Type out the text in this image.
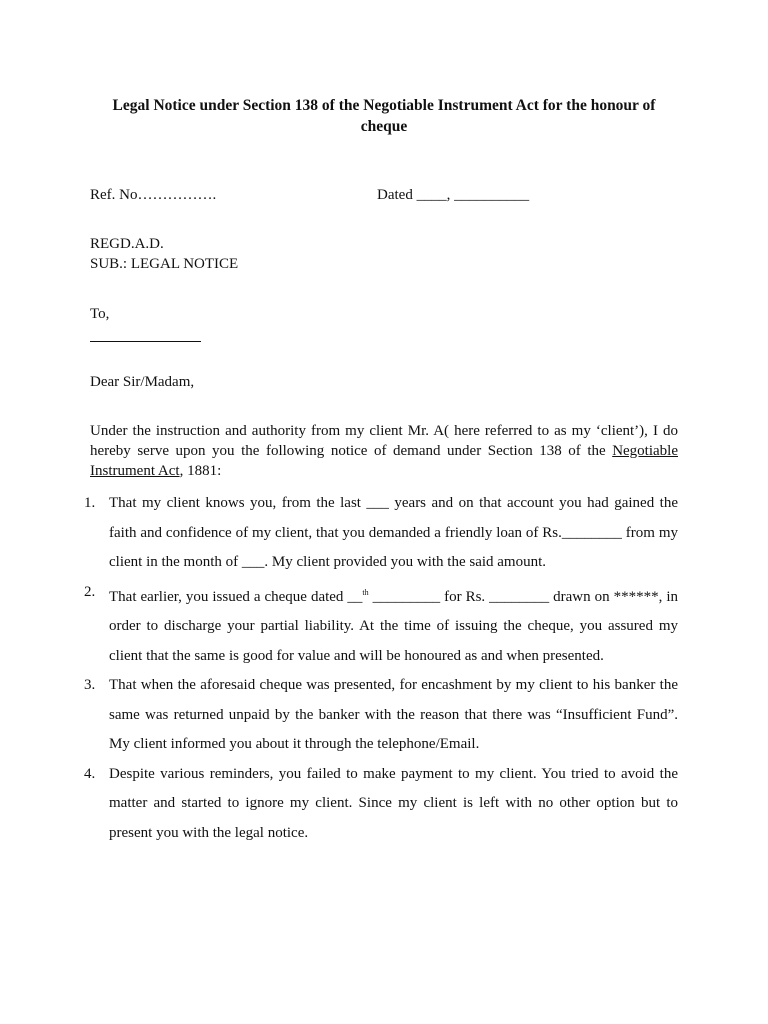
Legal Notice under Section 138 of the Negotiable Instrument Act for the honour of cheque
Ref. No…………….	Dated ____, __________
REGD.A.D.
SUB.: LEGAL NOTICE
To,
Dear Sir/Madam,
Under the instruction and authority from my client Mr. A( here referred to as my ‘client’), I do hereby serve upon you the following notice of demand under Section 138 of the Negotiable Instrument Act, 1881:
1. That my client knows you, from the last ___ years and on that account you had gained the faith and confidence of my client, that you demanded a friendly loan of Rs.________ from my client in the month of ___. My client provided you with the said amount.
2. That earlier, you issued a cheque dated __$^{th}$ _________ for Rs. ________ drawn on ******, in order to discharge your partial liability. At the time of issuing the cheque, you assured my client that the same is good for value and will be honoured as and when presented.
3. That when the aforesaid cheque was presented, for encashment by my client to his banker the same was returned unpaid by the banker with the reason that there was “Insufficient Fund”. My client informed you about it through the telephone/Email.
4. Despite various reminders, you failed to make payment to my client. You tried to avoid the matter and started to ignore my client. Since my client is left with no other option but to present you with the legal notice.
